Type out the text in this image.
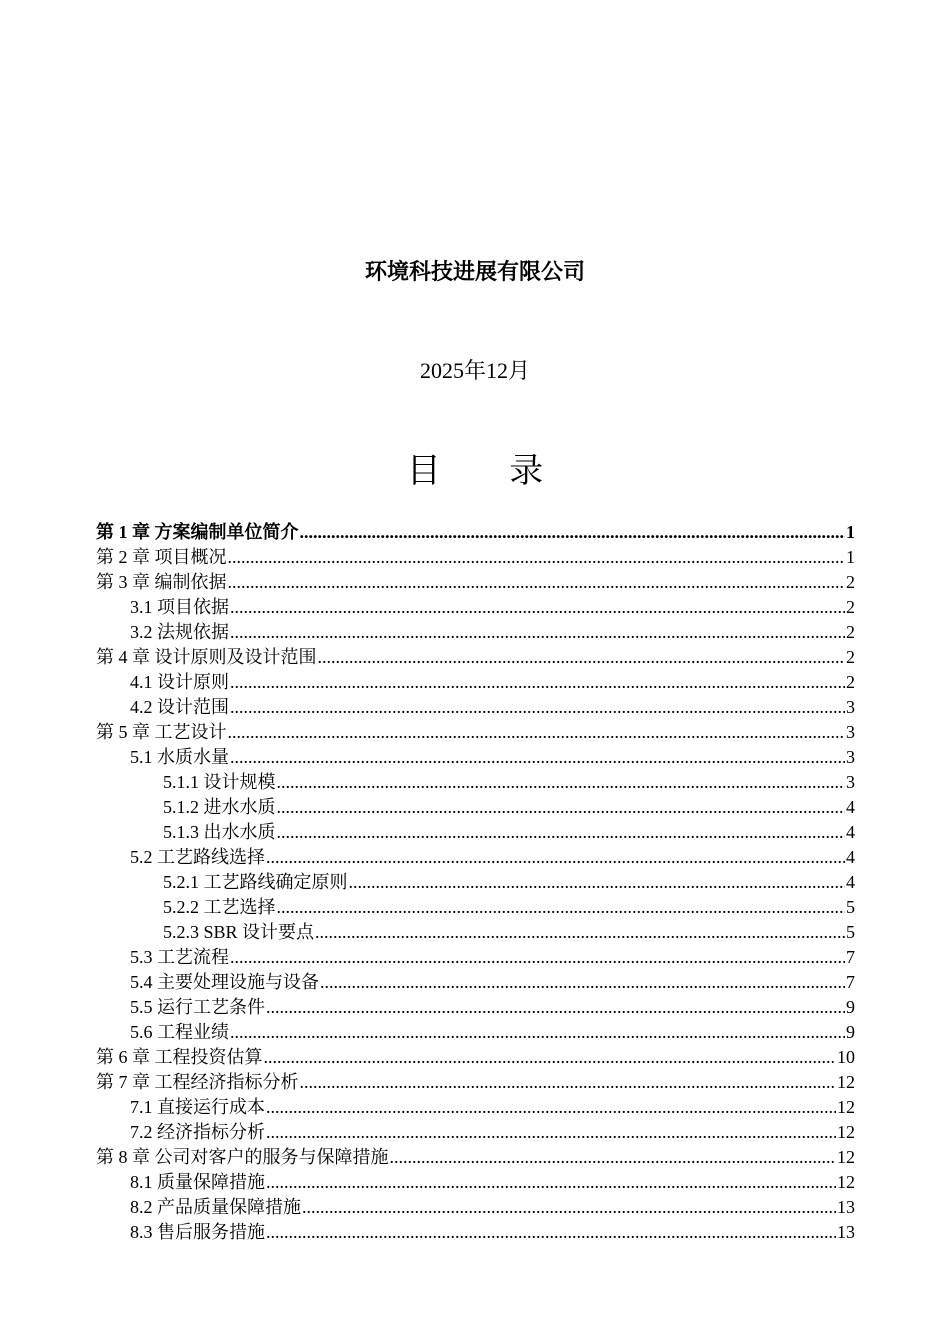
环境科技进展有限公司
2025年12月
目 录
第 1 章 方案编制单位简介 .....	1
第 2 章 项目概况 .....	1
第 3 章 编制依据 .....	2
3.1 项目依据 .....	2
3.2 法规依据 .....	2
第 4 章 设计原则及设计范围 .....	2
4.1 设计原则 .....	2
4.2 设计范围 .....	3
第 5 章 工艺设计 .....	3
5.1 水质水量 .....	3
5.1.1 设计规模 .....	3
5.1.2 进水水质 .....	4
5.1.3 出水水质 .....	4
5.2 工艺路线选择 .....	4
5.2.1 工艺路线确定原则 .....	4
5.2.2 工艺选择 .....	5
5.2.3 SBR 设计要点 .....	5
5.3 工艺流程 .....	7
5.4 主要处理设施与设备 .....	7
5.5 运行工艺条件 .....	9
5.6 工程业绩 .....	9
第 6 章 工程投资估算 .....	10
第 7 章 工程经济指标分析 .....	12
7.1 直接运行成本 .....	12
7.2 经济指标分析 .....	12
第 8 章 公司对客户的服务与保障措施 .....	12
8.1 质量保障措施 .....	12
8.2 产品质量保障措施 .....	13
8.3 售后服务措施 .....	13
